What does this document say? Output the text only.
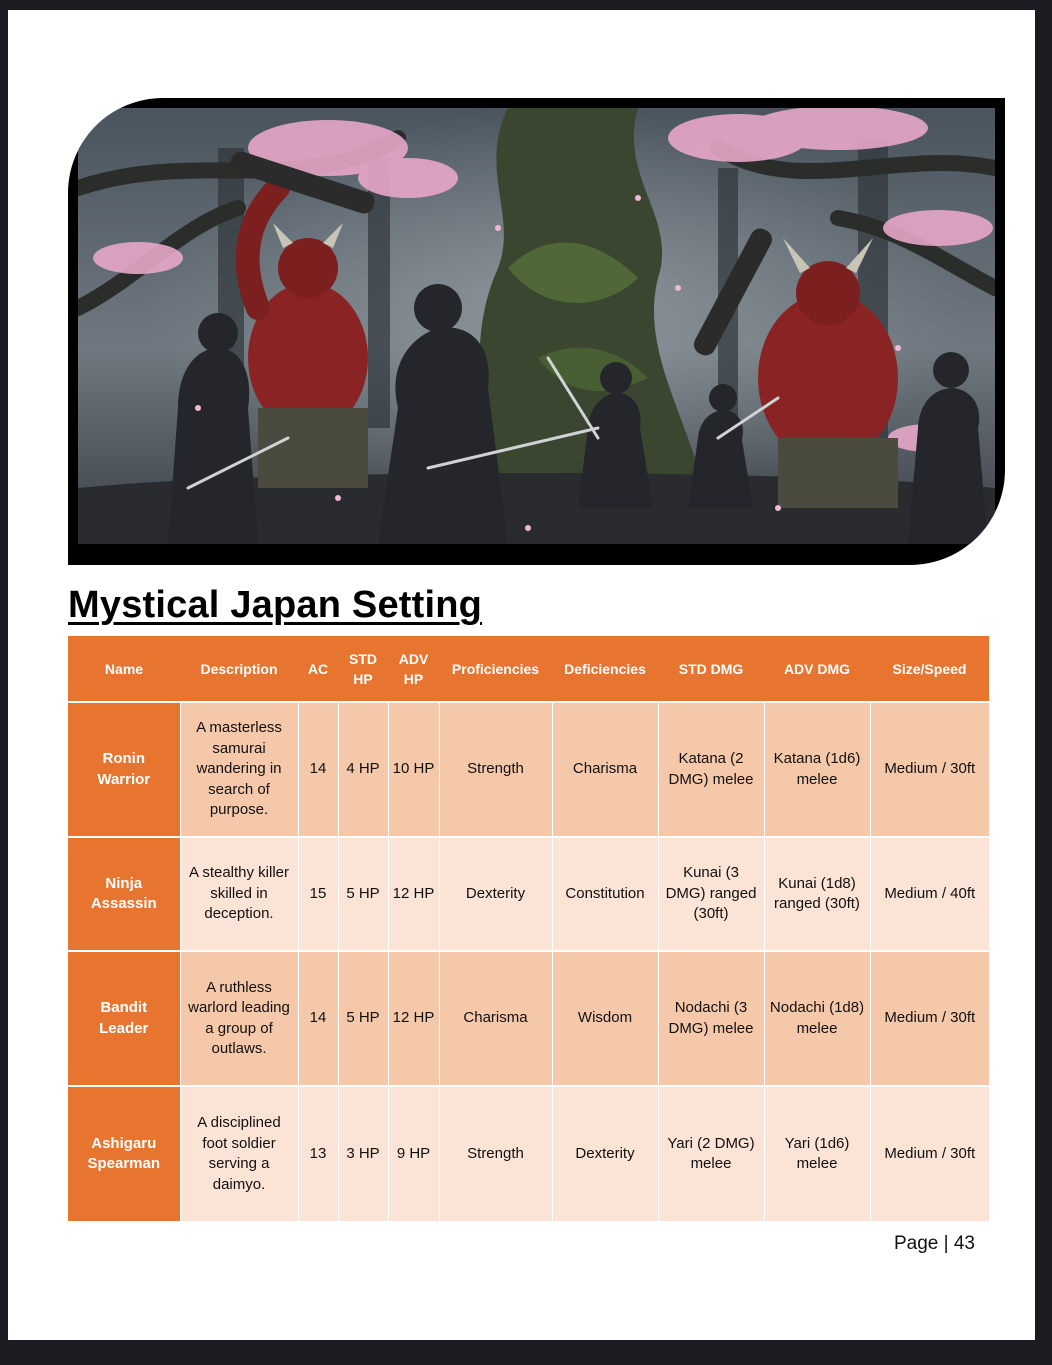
Mystical Japan Setting
Name	Description	AC	STD HP	ADV HP	Proficiencies	Deficiencies	STD DMG	ADV DMG	Size/Speed
Ronin Warrior	A masterless samurai wandering in search of purpose.	14	4 HP	10 HP	Strength	Charisma	Katana (2 DMG) melee	Katana (1d6) melee	Medium / 30ft
Ninja Assassin	A stealthy killer skilled in deception.	15	5 HP	12 HP	Dexterity	Constitution	Kunai (3 DMG) ranged (30ft)	Kunai (1d8) ranged (30ft)	Medium / 40ft
Bandit Leader	A ruthless warlord leading a group of outlaws.	14	5 HP	12 HP	Charisma	Wisdom	Nodachi (3 DMG) melee	Nodachi (1d8) melee	Medium / 30ft
Ashigaru Spearman	A disciplined foot soldier serving a daimyo.	13	3 HP	9 HP	Strength	Dexterity	Yari (2 DMG) melee	Yari (1d6) melee	Medium / 30ft
Page | 43
